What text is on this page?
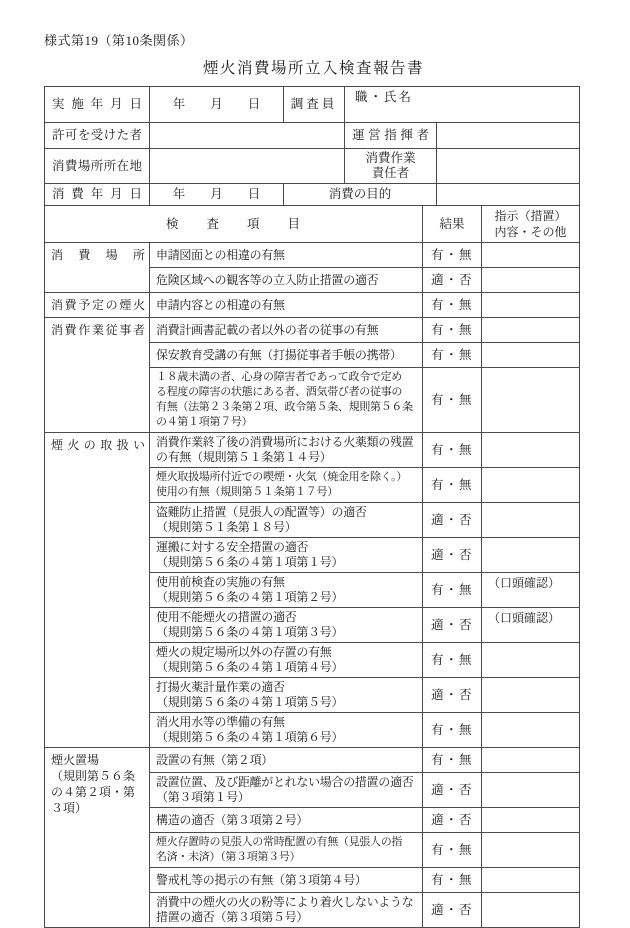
様式第19（第10条関係）
煙火消費場所立入検査報告書
実施年月日	年　　月　　日	調査員	職・氏名	
許可を受けた者			運営指揮者	
消費場所所在地			消費作業
責任者	
消費年月日	年　　月　　日	消費の目的		
検　　査　　項　　目		結果	指示（措置）
内容・その他
消費場所	申請図面との相違の有無	有・無	
	危険区域への観客等の立入防止措置の適否	適・否	
消費予定の煙火	申請内容との相違の有無	有・無	
消費作業従事者	消費計画書記載の者以外の者の従事の有無	有・無	
	保安教育受講の有無（打揚従事者手帳の携帯）	有・無	
	１８歳未満の者、心身の障害者であって政令で定め
る程度の障害の状態にある者、酒気帯び者の従事の
有無（法第２３条第２項、政令第５条、規則第５６条
の４第１項第７号）	有・無	
煙火の取扱い	消費作業終了後の消費場所における火薬類の残置
の有無（規則第５１条第１４号）	有・無	
	煙火取扱場所付近での喫煙・火気（焼金用を除く。）
使用の有無（規則第５１条第１７号）	有・無	
	盗難防止措置（見張人の配置等）の適否
（規則第５１条第１８号）	適・否	
	運搬に対する安全措置の適否
（規則第５６条の４第１項第１号）	適・否	
	使用前検査の実施の有無
（規則第５６条の４第１項第２号）	有・無	（口頭確認）
	使用不能煙火の措置の適否
（規則第５６条の４第１項第３号）	適・否	（口頭確認）
	煙火の規定場所以外の存置の有無
（規則第５６条の４第１項第４号）	有・無	
	打揚火薬計量作業の適否
（規則第５６条の４第１項第５号）	適・否	
	消火用水等の準備の有無
（規則第５６条の４第１項第６号）	有・無	
煙火置場
（規則第５６条の４第２項・第３項）	設置の有無（第２項）	有・無	
	設置位置、及び距離がとれない場合の措置の適否
（第３項第１号）	適・否	
	構造の適否（第３項第２号）	適・否	
	煙火存置時の見張人の常時配置の有無（見張人の指
名済・未済）（第３項第３号）	有・無	
	警戒札等の掲示の有無（第３項第４号）	有・無	
	消費中の煙火の火の粉等により着火しないような
措置の適否（第３項第５号）	適・否	
